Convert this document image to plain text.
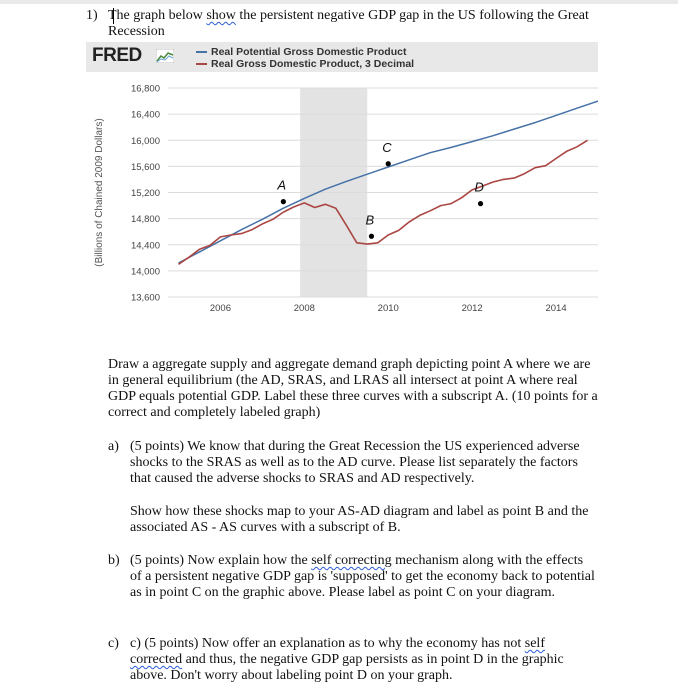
1) The graph below show the persistent negative GDP gap in the US following the Great Recession
FRED	Real Potential Gross Domestic Product
Real Gross Domestic Product, 3 Decimal
16,800
16,400
16,000
15,600
15,200
14,800
14,400
14,000
13,600
2006	2008	2010	2012	2014
(Billions of Chained 2009 Dollars)	A
B
C
D
Draw a aggregate supply and aggregate demand graph depicting point A where we are in general equilibrium (the AD, SRAS, and LRAS all intersect at point A where real GDP equals potential GDP. Label these three curves with a subscript A. (10 points for a correct and completely labeled graph)
a) (5 points) We know that during the Great Recession the US experienced adverse shocks to the SRAS as well as to the AD curve. Please list separately the factors that caused the adverse shocks to SRAS and AD respectively.
Show how these shocks map to your AS-AD diagram and label as point B and the associated AS - AS curves with a subscript of B.
b) (5 points) Now explain how the self correcting mechanism along with the effects of a persistent negative GDP gap is 'supposed' to get the economy back to potential as in point C on the graphic above. Please label as point C on your diagram.
c) c) (5 points) Now offer an explanation as to why the economy has not self corrected and thus, the negative GDP gap persists as in point D in the graphic above. Don't worry about labeling point D on your graph.
